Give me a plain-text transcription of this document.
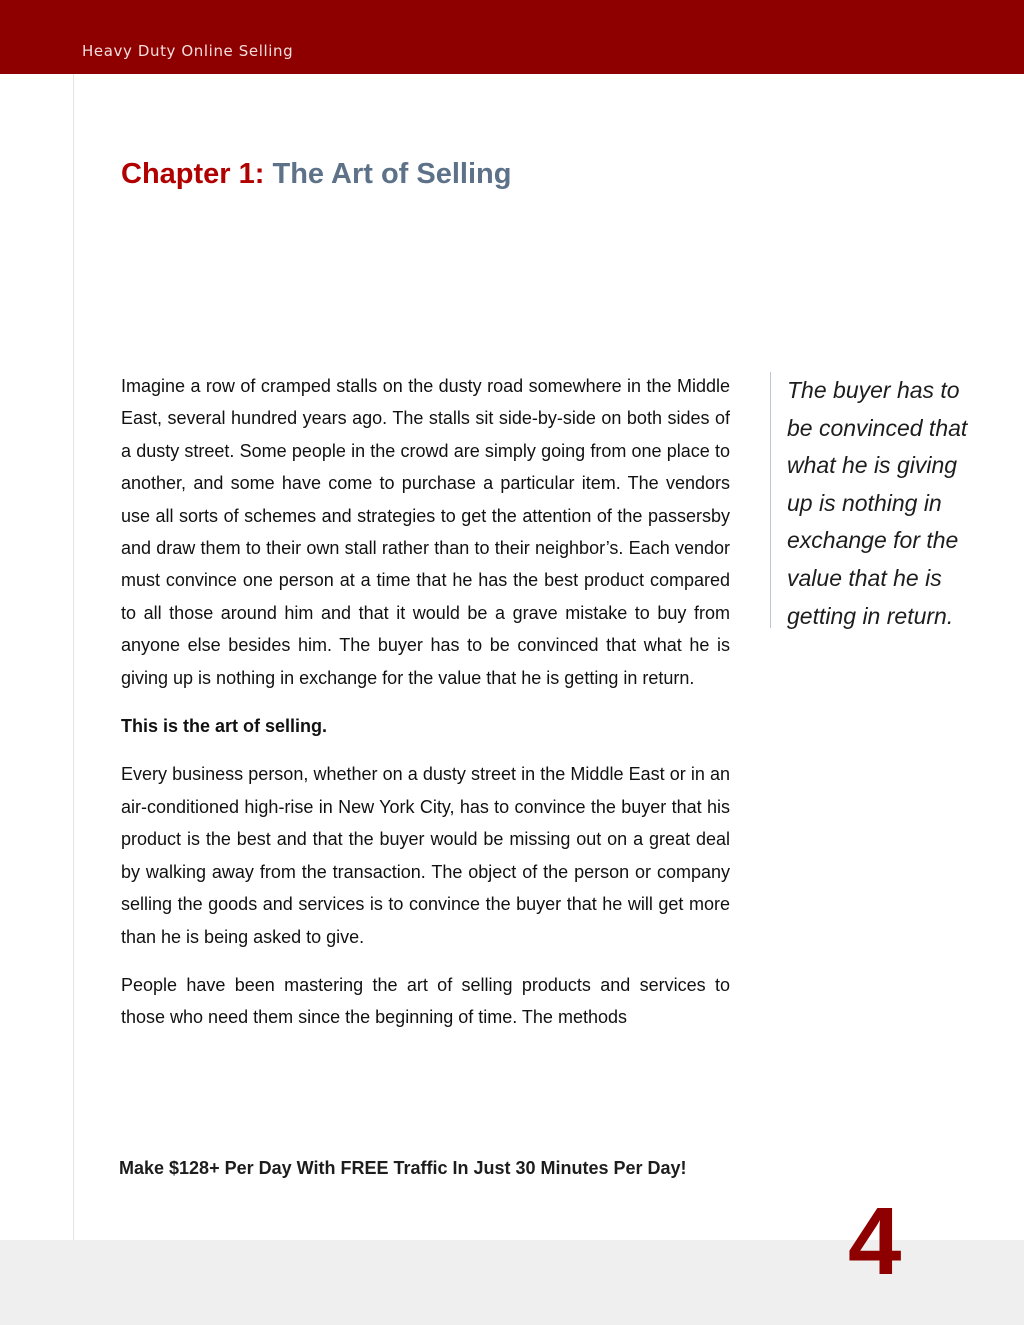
Heavy Duty Online Selling
Chapter 1: The Art of Selling

Imagine a row of cramped stalls on the dusty road somewhere in the Middle East, several hundred years ago. The stalls sit side-by-side on both sides of a dusty street. Some people in the crowd are simply going from one place to another, and some have come to purchase a particular item. The vendors use all sorts of schemes and strategies to get the attention of the passersby and draw them to their own stall rather than to their neighbor’s. Each vendor must convince one person at a time that he has the best product compared to all those around him and that it would be a grave mistake to buy from anyone else besides him. The buyer has to be convinced that what he is giving up is nothing in exchange for the value that he is getting in return.

This is the art of selling.

Every business person, whether on a dusty street in the Middle East or in an air-conditioned high-rise in New York City, has to convince the buyer that his product is the best and that the buyer would be missing out on a great deal by walking away from the transaction. The object of the person or company selling the goods and services is to convince the buyer that he will get more than he is being asked to give.

People have been mastering the art of selling products and services to those who need them since the beginning of time. The methods

The buyer has to be convinced that what he is giving up is nothing in exchange for the value that he is getting in return.
Make $128+ Per Day With FREE Traffic In Just 30 Minutes Per Day!
4
